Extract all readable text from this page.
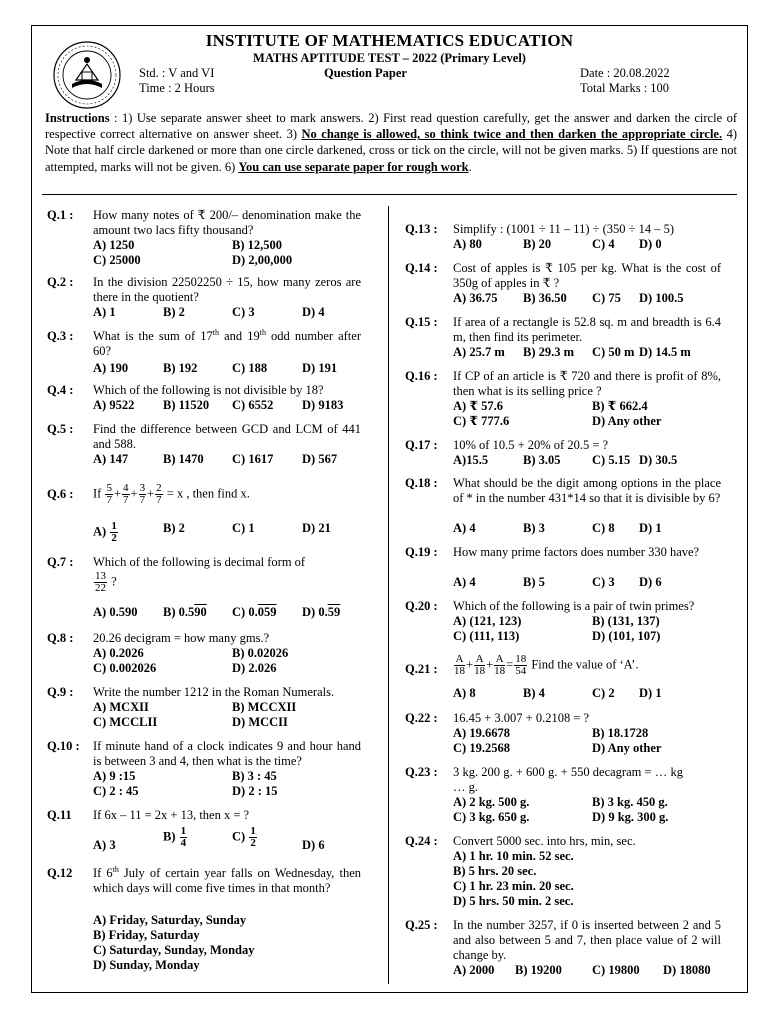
INSTITUTE OF MATHEMATICS EDUCATION
MATHS APTITUDE TEST – 2022 (Primary Level)
Std. : V and VI	Question Paper	Date : 20.08.2022
Time : 2 Hours	Total Marks : 100
Instructions : 1) Use separate answer sheet to mark answers. 2) First read question carefully, get the answer and darken the circle of respective correct alternative on answer sheet. 3) No change is allowed, so think twice and then darken the appropriate circle. 4) Note that half circle darkened or more than one circle darkened, cross or tick on the circle, will not be given marks. 5) If questions are not attempted, marks will not be given. 6) You can use separate paper for rough work.
Q.1 : How many notes of ₹ 200/– denomination make the amount two lacs fifty thousand?
A) 1250	B) 12,500
C) 25000	D) 2,00,000
Q.2 : In the division 22502250 ÷ 15, how many zeros are there in the quotient?
A) 1	B) 2	C) 3	D) 4
Q.3 : What is the sum of 17th and 19th odd number after 60?
A) 190	B) 192	C) 188	D) 191
Q.4 : Which of the following is not divisible by 18?
A) 9522 B) 11520 C) 6552 D) 9183
Q.5 : Find the difference between GCD and LCM of 441 and 588.
A) 147	B) 1470 C) 1617 D) 567
Q.6 : If $\frac{5}{7} + \frac{4}{7} + \frac{3}{7} + \frac{2}{7} = x$ , then find x.
$A) \frac{1}{2}$	B) 2	C) 1	D) 21
Q.7 : Which of the following is decimal form of
$\frac{13}{22}$ ?
A) 0.590 B) 0.590 C) 0.059 D) 0.59
Q.8 : 20.26 decigram = how many gms.?
A) 0.2026	B) 0.02026
C) 0.002026	D) 2.026
Q.9 : Write the number 1212 in the Roman Numerals.
A) MCXII	B) MCCXII
C) MCCLII	D) MCCII
Q.10 : If minute hand of a clock indicates 9 and hour hand is between 3 and 4, then what is the time?
A) 9 :15	B) 3 : 45
C) 2 : 45	D) 2 : 15
Q.11 If 6x – 11 = 2x + 13, then x = ?
A) 3
$B) \frac{1}{4}$	$C) \frac{1}{2}$	D) 6
Q.12 If 6th July of certain year falls on Wednesday, then which days will come five times in that month?
A) Friday, Saturday, Sunday
B) Friday, Saturday
C) Saturday, Sunday, Monday
D) Sunday, Monday
Q.13 : Simplify : (1001 ÷ 11 – 11) ÷ (350 ÷ 14 – 5)
A) 80	B) 20	C) 4 D) 0
Q.14 : Cost of apples is ₹ 105 per kg. What is the cost of 350g of apples in ₹ ?
A) 36.75 B) 36.50 C) 75 D) 100.5
Q.15 : If area of a rectangle is 52.8 sq. m and breadth is 6.4 m, then find its perimeter.
A) 25.7 m B) 29.3 m C) 50 m D) 14.5 m
Q.16 : If CP of an article is ₹ 720 and there is profit of 8%, then what is its selling price ?
A) ₹ 57.6	B) ₹ 662.4
C) ₹ 777.6	D) Any other
Q.17 : 10% of 10.5 + 20% of 20.5 = ?
A)15.5	B) 3.05	C) 5.15 D) 30.5
Q.18 : What should be the digit among options in the place of * in the number 431*14 so that it is divisible by 6?
A) 4	B) 3	C) 8 D) 1
Q.19 : How many prime factors does number 330 have?
A) 4	B) 5	C) 3 D) 6
Q.20 : Which of the following is a pair of twin primes?
A) (121, 123)	B) (131, 137)
C) (111, 113)	D) (101, 107)
Q.21 : $\frac{A}{18} + \frac{A}{18} + \frac{A}{18} = \frac{18}{54}$ Find the value of ‘A’.
A) 8	B) 4	C) 2 D) 1
Q.22 : 16.45 + 3.007 + 0.2108 = ?
A) 19.6678	B) 18.1728
C) 19.2568	D) Any other
Q.23 : 3 kg. 200 g. + 600 g. + 550 decagram = … kg … g.
A) 2 kg. 500 g.	B) 3 kg. 450 g.
C) 3 kg. 650 g.	D) 9 kg. 300 g.
Q.24 : Convert 5000 sec. into hrs, min, sec.
A) 1 hr. 10 min. 52 sec.
B) 5 hrs. 20 sec.
C) 1 hr. 23 min. 20 sec.
D) 5 hrs. 50 min. 2 sec.
Q.25 : In the number 3257, if 0 is inserted between 2 and 5 and also between 5 and 7, then place value of 2 will change by.
A) 2000 B) 19200 C) 19800 D) 18080
